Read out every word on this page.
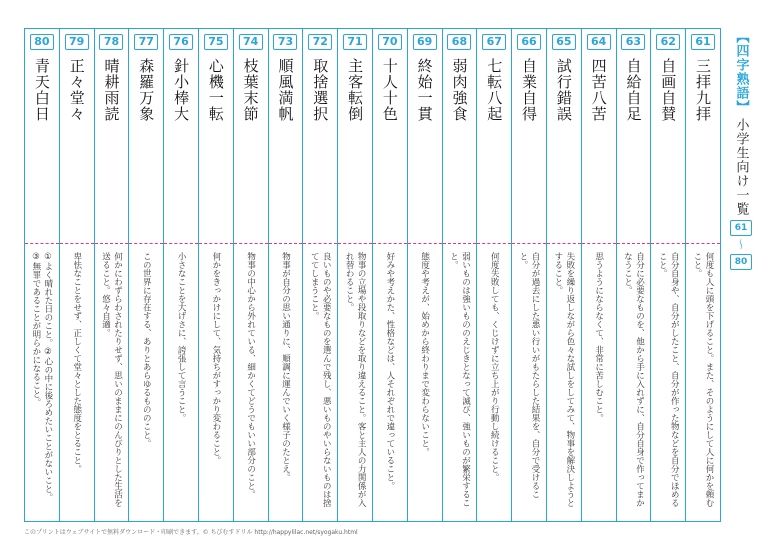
80
青天白日
①よく晴れた日のこと。②心の中に後ろめたいことがないこと。③無罪であることが明らかになること。
79
正々堂々
卑怯なことをせず、正しくて堂々とした態度をとること。
78
晴耕雨読
何かにわずらわされたりせず、思いのままにのんびりとした生活を送ること。悠々自適。
77
森羅万象
この世界に存在する、ありとあらゆるもののこと。
76
針小棒大
小さなことを大げさに、誇張して言うこと。
75
心機一転
何かをきっかけにして、気持ちがすっかり変わること。
74
枝葉末節
物事の中心から外れている、細かくてどうでもいい部分のこと。
73
順風満帆
物事が自分の思い通りに、順調に運んでいく様子のたとえ。
72
取捨選択
良いものや必要なものを選んで残し、悪いものやいらないものは捨ててしまうこと。
71
主客転倒
物事の立場や段取りなどを取り違えること。客と主人の力関係が入れ替わること。
70
十人十色
好みや考えかた、性格などは、人それぞれで違っていること。
69
終始一貫
態度や考えが、始めから終わりまで変わらないこと。
68
弱肉強食
弱いものは強いもののえじきとなって滅び、強いものが繁栄すること。
67
七転八起
何度失敗しても、くじけずに立ち上がり行動し続けること。
66
自業自得
自分が過去にした悪い行いがもたらした結果を、自分で受けること。
65
試行錯誤
失敗を繰り返しながら色々な試しをしてみて、物事を解決しようとすること。
64
四苦八苦
思うようにならなくて、非常に苦しむこと。
63
自給自足
自分に必要なものを、他から手に入れずに、自分自身で作ってまかなうこと。
62
自画自賛
自分自身や、自分がしたこと、自分が作った物などを自分でほめること。
61
三拝九拝
何度も人に頭を下げること。また、そのようにして人に何かを頼むこと。
【四字熟語】
小学生向け一覧
61
〜
80
このプリントはウェブサイトで無料ダウンロード・印刷できます。© ちびむすドリル http://happylilac.net/syogaku.html
